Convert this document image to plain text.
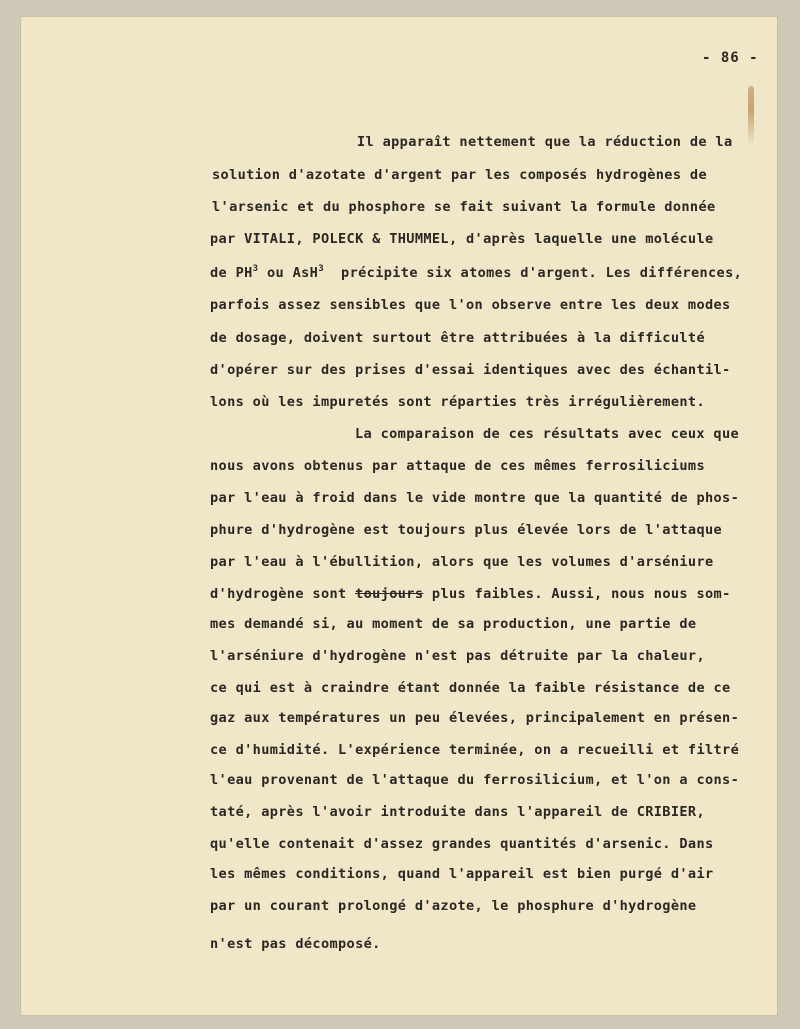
- 86 -
Il apparaît nettement que la réduction de la
solution d'azotate d'argent par les composés hydrogènes de
l'arsenic et du phosphore se fait suivant la formule donnée
par VITALI, POLECK & THUMMEL, d'après laquelle une molécule
de $PH^3$ ou AsH$^3$  précipite six atomes d'argent. Les différences,
parfois assez sensibles que l'on observe entre les deux modes
de dosage, doivent surtout être attribuées à la difficulté
d'opérer sur des prises d'essai identiques avec des échantil-
lons où les impuretés sont réparties très irrégulièrement.
La comparaison de ces résultats avec ceux que
nous avons obtenus par attaque de ces mêmes ferrosiliciums
par l'eau à froid dans le vide montre que la quantité de phos-
phure d'hydrogène est toujours plus élevée lors de l'attaque
par l'eau à l'ébullition, alors que les volumes d'arséniure
d'hydrogène sont toujours plus faibles. Aussi, nous nous som-
mes demandé si, au moment de sa production, une partie de
l'arséniure d'hydrogène n'est pas détruite par la chaleur,
ce qui est à craindre étant donnée la faible résistance de ce
gaz aux températures un peu élevées, principalement en présen-
ce d'humidité. L'expérience terminée, on a recueilli et filtré
l'eau provenant de l'attaque du ferrosilicium, et l'on a cons-
taté, après l'avoir introduite dans l'appareil de CRIBIER,
qu'elle contenait d'assez grandes quantités d'arsenic. Dans
les mêmes conditions, quand l'appareil est bien purgé d'air
par un courant prolongé d'azote, le phosphure d'hydrogène
n'est pas décomposé.
